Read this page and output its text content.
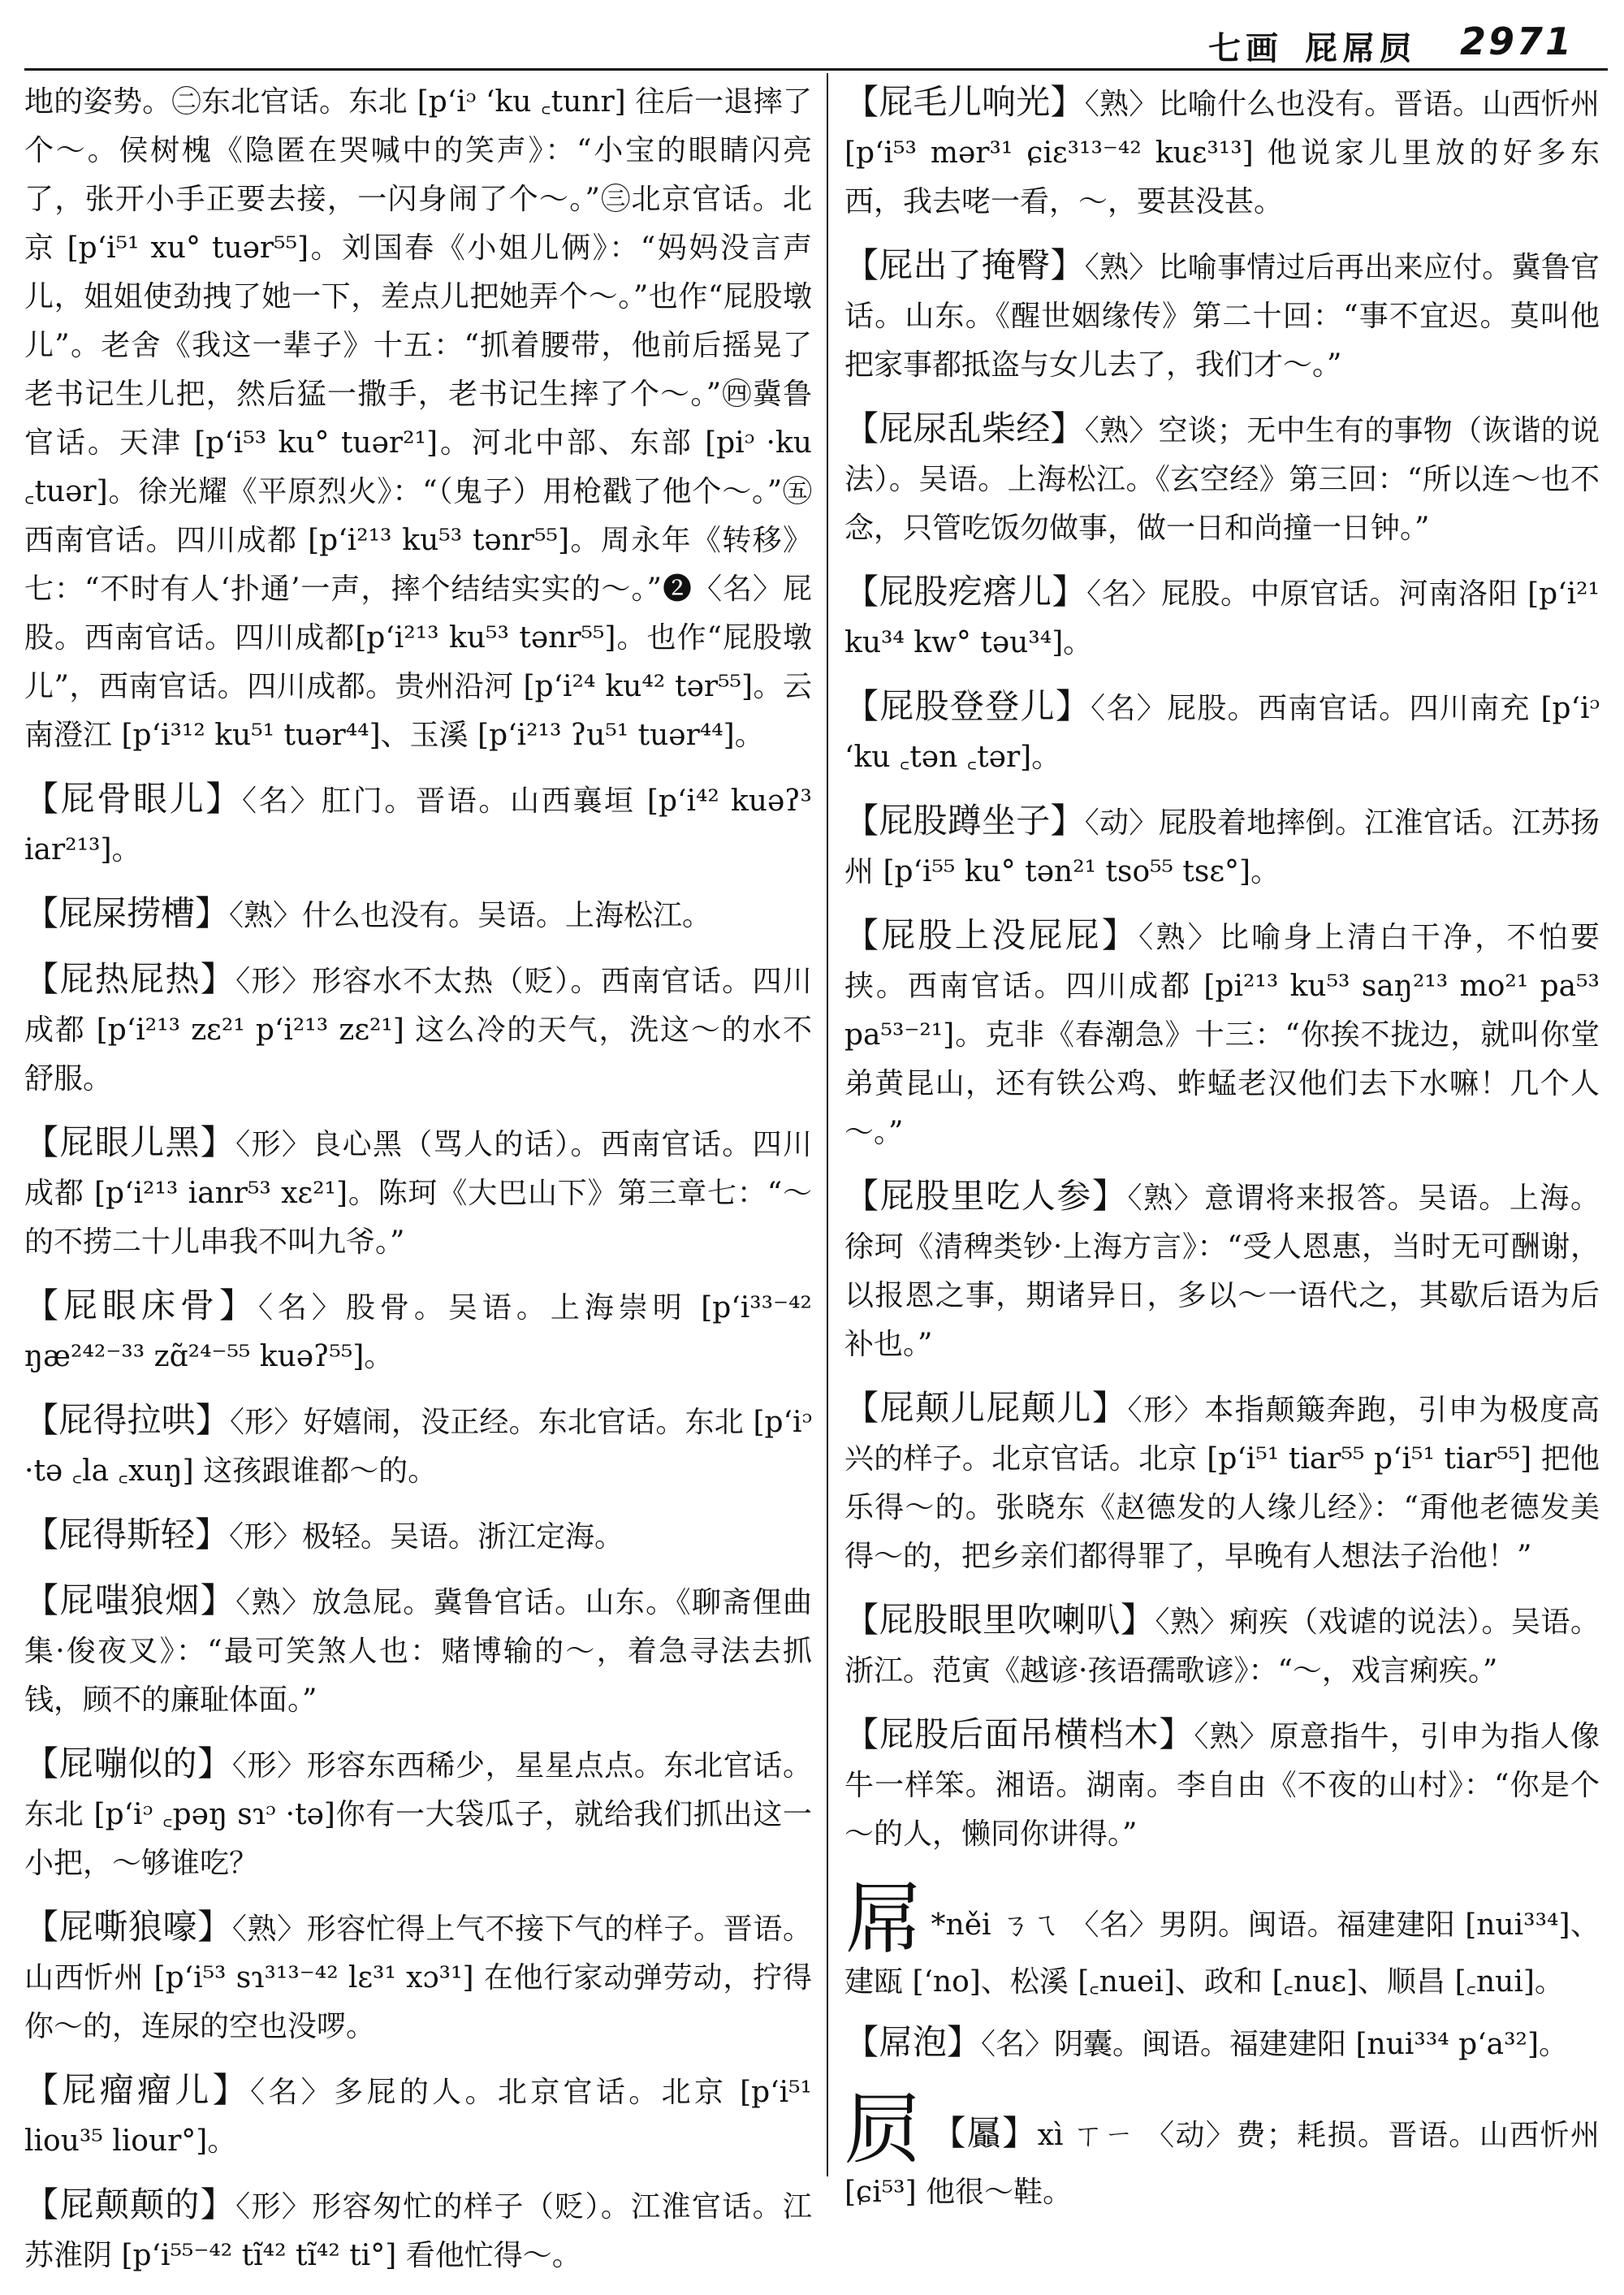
七画 屁屌屃 2971

地的姿势。㊁东北官话。东北 [p‘iᵓ ‘ku ꜀tunr] 往后一退摔了个～。侯树槐《隐匿在哭喊中的笑声》：“小宝的眼睛闪亮了，张开小手正要去接，一闪身闹了个～。”㊂北京官话。北京 [p‘i⁵¹ xu° tuər⁵⁵]。刘国春《小姐儿俩》：“妈妈没言声儿，姐姐使劲拽了她一下，差点儿把她弄个～。”也作“屁股墩儿”。老舍《我这一辈子》十五：“抓着腰带，他前后摇晃了老书记生儿把，然后猛一撒手，老书记生摔了个～。”㊃冀鲁官话。天津 [p‘i⁵³ ku° tuər²¹]。河北中部、东部 [piᵓ ·ku ꜀tuər]。徐光耀《平原烈火》：“（鬼子）用枪戳了他个～。”㊄西南官话。四川成都 [p‘i²¹³ ku⁵³ tənr⁵⁵]。周永年《转移》七：“不时有人‘扑通’一声，摔个结结实实的～。”❷〈名〉屁股。西南官话。四川成都[p‘i²¹³ ku⁵³ tənr⁵⁵]。也作“屁股墩儿”，西南官话。四川成都。贵州沿河 [p‘i²⁴ ku⁴² tər⁵⁵]。云南澄江 [p‘i³¹² ku⁵¹ tuər⁴⁴]、玉溪 [p‘i²¹³ ʔu⁵¹ tuər⁴⁴]。

【屁骨眼儿】〈名〉肛门。晋语。山西襄垣 [p‘i⁴² kuəʔ³ iar²¹³]。
【屁屎捞槽】〈熟〉什么也没有。吴语。上海松江。
【屁热屁热】〈形〉形容水不太热（贬）。西南官话。四川成都 [p‘i²¹³ zɛ²¹ p‘i²¹³ zɛ²¹] 这么冷的天气，洗这～的水不舒服。
【屁眼儿黑】〈形〉良心黑（骂人的话）。西南官话。四川成都 [p‘i²¹³ ianr⁵³ xɛ²¹]。陈珂《大巴山下》第三章七：“～的不捞二十儿串我不叫九爷。”
【屁眼床骨】〈名〉股骨。吴语。上海崇明 [p‘i³³⁻⁴² ŋæ²⁴²⁻³³ zɑ̃²⁴⁻⁵⁵ kuəʔ⁵⁵]。
【屁得拉哄】〈形〉好嬉闹，没正经。东北官话。东北 [p‘iᵓ ·tə ꜀la ꜀xuŋ] 这孩跟谁都～的。
【屁得斯轻】〈形〉极轻。吴语。浙江定海。
【屁嗤狼烟】〈熟〉放急屁。冀鲁官话。山东。《聊斋俚曲集·俊夜叉》：“最可笑煞人也：赌博输的～，着急寻法去抓钱，顾不的廉耻体面。”
【屁嘣似的】〈形〉形容东西稀少，星星点点。东北官话。东北 [p‘iᵓ ꜀pəŋ sɿᵓ ·tə]你有一大袋瓜子，就给我们抓出这一小把，～够谁吃？
【屁嘶狼嚎】〈熟〉形容忙得上气不接下气的样子。晋语。山西忻州 [p‘i⁵³ sɿ³¹³⁻⁴² lɛ³¹ xɔ³¹] 在他行家动弹劳动，拧得你～的，连尿的空也没啰。
【屁瘤瘤儿】〈名〉多屁的人。北京官话。北京 [p‘i⁵¹ liou³⁵ liour°]。
【屁颠颠的】〈形〉形容匆忙的样子（贬）。江淮官话。江苏淮阴 [p‘i⁵⁵⁻⁴² tĩ⁴² tĩ⁴² ti°] 看他忙得～。
【屁毛儿响光】〈熟〉比喻什么也没有。晋语。山西忻州 [p‘i⁵³ mər³¹ ɕiɛ³¹³⁻⁴² kuɛ³¹³] 他说家儿里放的好多东西，我去咾一看，～，要甚没甚。
【屁出了掩臀】〈熟〉比喻事情过后再出来应付。冀鲁官话。山东。《醒世姻缘传》第二十回：“事不宜迟。莫叫他把家事都抵盗与女儿去了，我们才～。”
【屁尿乱柴经】〈熟〉空谈；无中生有的事物（诙谐的说法）。吴语。上海松江。《玄空经》第三回：“所以连～也不念，只管吃饭勿做事，做一日和尚撞一日钟。”
【屁股疙瘩儿】〈名〉屁股。中原官话。河南洛阳 [p‘i²¹ ku³⁴ kw° təu³⁴]。
【屁股登登儿】〈名〉屁股。西南官话。四川南充 [p‘iᵓ ‘ku ꜀tən ꜀tər]。
【屁股蹲坐子】〈动〉屁股着地摔倒。江淮官话。江苏扬州 [p‘i⁵⁵ ku° tən²¹ tso⁵⁵ tsɛ°]。
【屁股上没屁屁】〈熟〉比喻身上清白干净，不怕要挟。西南官话。四川成都 [pi²¹³ ku⁵³ saŋ²¹³ mo²¹ pa⁵³ pa⁵³⁻²¹]。克非《春潮急》十三：“你挨不拢边，就叫你堂弟黄昆山，还有铁公鸡、蚱蜢老汉他们去下水嘛！几个人～。”
【屁股里吃人参】〈熟〉意谓将来报答。吴语。上海。徐珂《清稗类钞·上海方言》：“受人恩惠，当时无可酬谢，以报恩之事，期诸异日，多以～一语代之，其歇后语为后补也。”
【屁颠儿屁颠儿】〈形〉本指颠簸奔跑，引申为极度高兴的样子。北京官话。北京 [p‘i⁵¹ tiar⁵⁵ p‘i⁵¹ tiar⁵⁵] 把他乐得～的。张晓东《赵德发的人缘儿经》：“甭他老德发美得～的，把乡亲们都得罪了，早晚有人想法子治他！”
【屁股眼里吹喇叭】〈熟〉痢疾（戏谑的说法）。吴语。浙江。范寅《越谚·孩语孺歌谚》：“～，戏言痢疾。”
【屁股后面吊横档木】〈熟〉原意指牛，引申为指人像牛一样笨。湘语。湖南。李自由《不夜的山村》：“你是个～的人，懒同你讲得。”
屌 *něi ㄋㄟ 〈名〉男阴。闽语。福建建阳 [nui³³⁴]、建瓯 [‘no]、松溪 [꜀nuei]、政和 [꜀nuɛ]、顺昌 [꜀nui]。
【屌泡】〈名〉阴囊。闽语。福建建阳 [nui³³⁴ p‘a³²]。
屃 【屭】xì ㄒㄧ 〈动〉费；耗损。晋语。山西忻州 [ɕi⁵³] 他很～鞋。
